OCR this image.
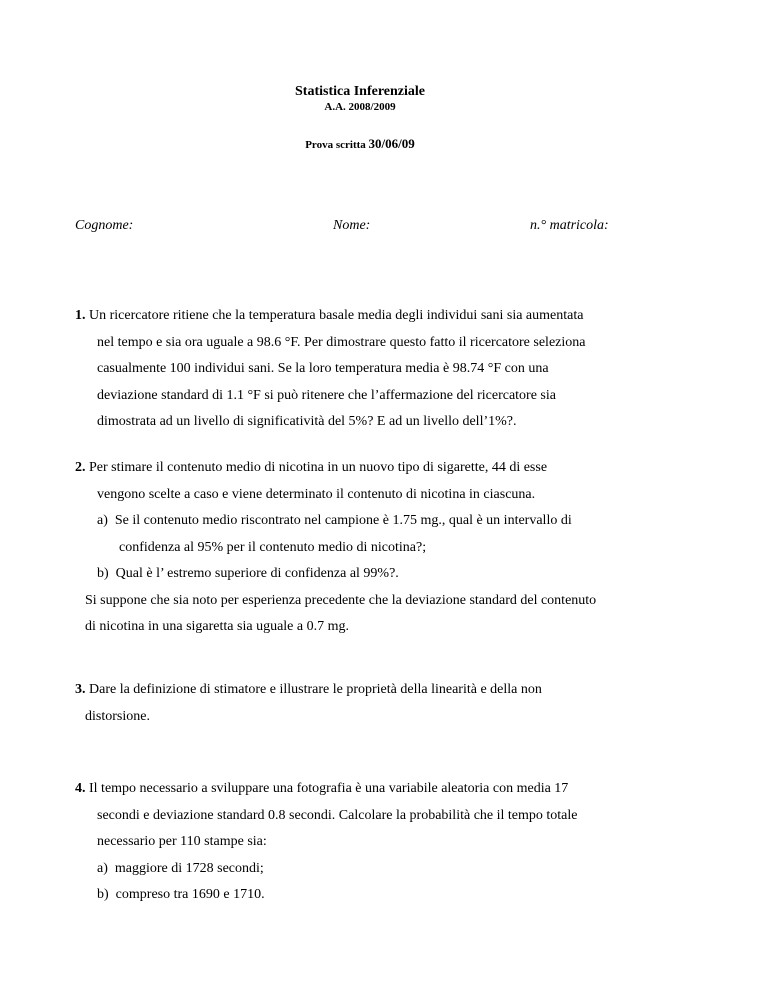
Statistica Inferenziale
A.A. 2008/2009
Prova scritta 30/06/09
Cognome:	Nome:	n.° matricola:
1. Un ricercatore ritiene che la temperatura basale media degli individui sani sia aumentata
nel tempo e sia ora uguale a 98.6 °F. Per dimostrare questo fatto il ricercatore seleziona
casualmente 100 individui sani. Se la loro temperatura media è 98.74 °F con una
deviazione standard di 1.1 °F si può ritenere che l’affermazione del ricercatore sia
dimostrata ad un livello di significatività del 5%? E ad un livello dell’1%?.
2. Per stimare il contenuto medio di nicotina in un nuovo tipo di sigarette, 44 di esse
vengono scelte a caso e viene determinato il contenuto di nicotina in ciascuna.
a) Se il contenuto medio riscontrato nel campione è 1.75 mg., qual è un intervallo di
confidenza al 95% per il contenuto medio di nicotina?;
b) Qual è l’ estremo superiore di confidenza al 99%?.
Si suppone che sia noto per esperienza precedente che la deviazione standard del contenuto
di nicotina in una sigaretta sia uguale a 0.7 mg.
3. Dare la definizione di stimatore e illustrare le proprietà della linearità e della non
distorsione.
4. Il tempo necessario a sviluppare una fotografia è una variabile aleatoria con media 17
secondi e deviazione standard 0.8 secondi. Calcolare la probabilità che il tempo totale
necessario per 110 stampe sia:
a) maggiore di 1728 secondi;
b) compreso tra 1690 e 1710.
